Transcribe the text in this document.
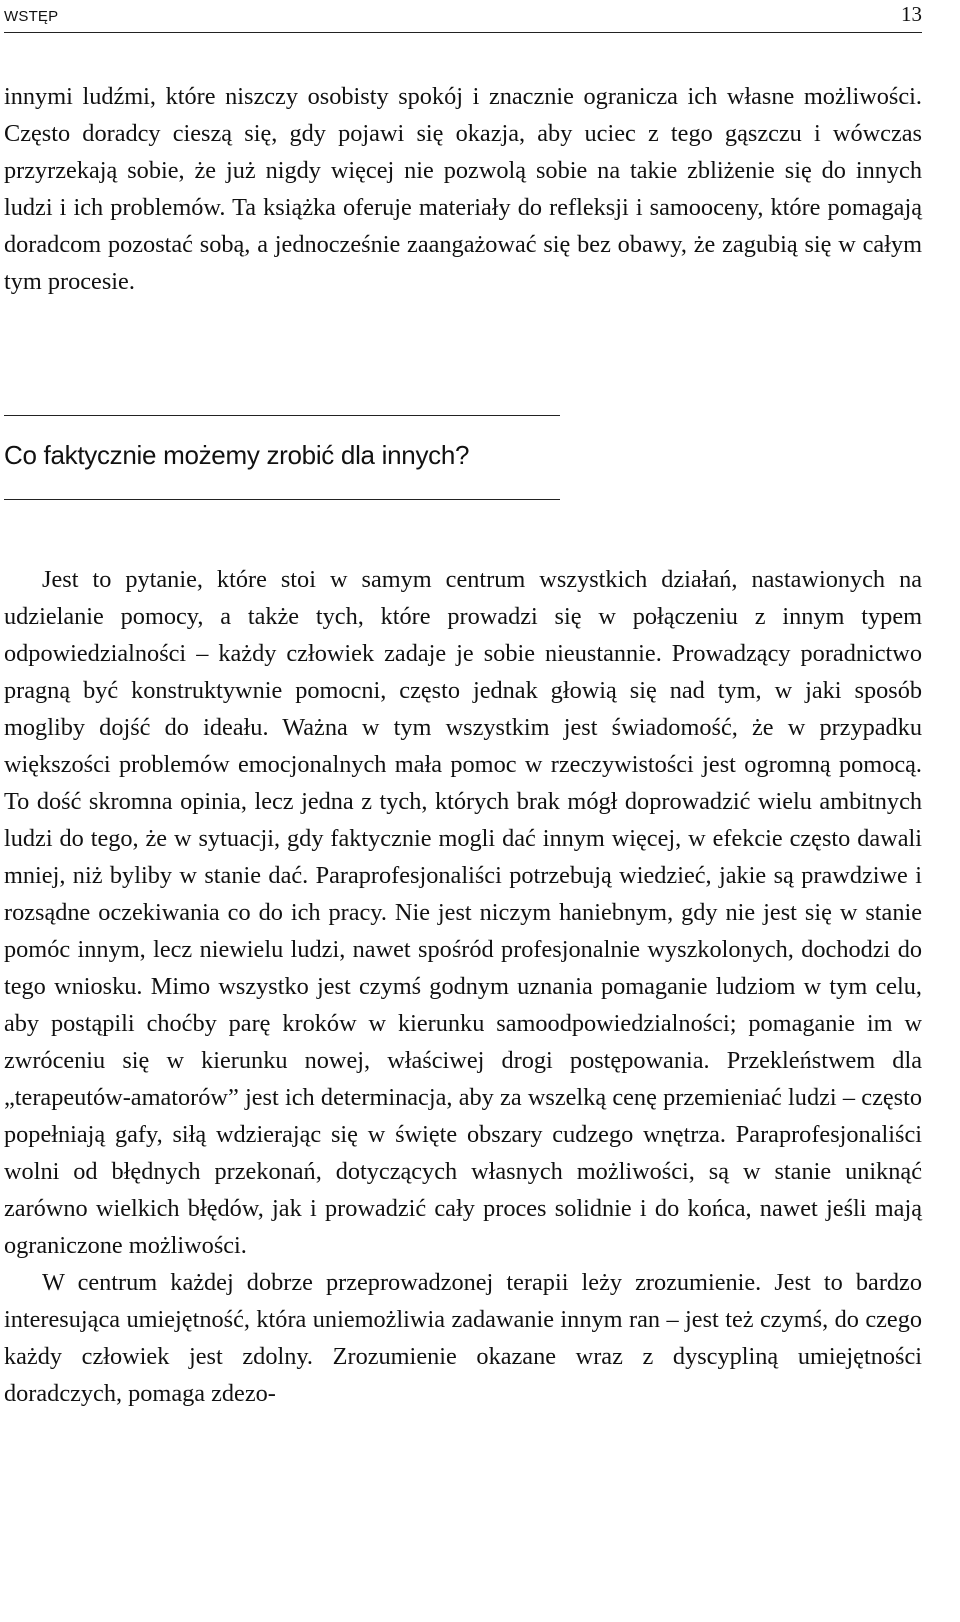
WSTĘP	13

innymi ludźmi, które niszczy osobisty spokój i znacznie ogranicza ich własne możliwości. Często doradcy cieszą się, gdy pojawi się okazja, aby uciec z tego gąszczu i wówczas przyrzekają sobie, że już nigdy więcej nie pozwolą sobie na takie zbliżenie się do innych ludzi i ich problemów. Ta książka oferuje materiały do refleksji i samooceny, które pomagają doradcom pozostać sobą, a jednocześnie zaangażować się bez obawy, że zagubią się w całym tym procesie.

Co faktycznie możemy zrobić dla innych?

Jest to pytanie, które stoi w samym centrum wszystkich działań, nastawionych na udzielanie pomocy, a także tych, które prowadzi się w połączeniu z innym typem odpowiedzialności – każdy człowiek zadaje je sobie nieustannie. Prowadzący poradnictwo pragną być konstruktywnie pomocni, często jednak głowią się nad tym, w jaki sposób mogliby dojść do ideału. Ważna w tym wszystkim jest świadomość, że w przypadku większości problemów emocjonalnych mała pomoc w rzeczywistości jest ogromną pomocą. To dość skromna opinia, lecz jedna z tych, których brak mógł doprowadzić wielu ambitnych ludzi do tego, że w sytuacji, gdy faktycznie mogli dać innym więcej, w efekcie często dawali mniej, niż byliby w stanie dać. Paraprofesjonaliści potrzebują wiedzieć, jakie są prawdziwe i rozsądne oczekiwania co do ich pracy. Nie jest niczym haniebnym, gdy nie jest się w stanie pomóc innym, lecz niewielu ludzi, nawet spośród profesjonalnie wyszkolonych, dochodzi do tego wniosku. Mimo wszystko jest czymś godnym uznania pomaganie ludziom w tym celu, aby postąpili choćby parę kroków w kierunku samoodpowiedzialności; pomaganie im w zwróceniu się w kierunku nowej, właściwej drogi postępowania. Przekleństwem dla „terapeutów-amatorów” jest ich determinacja, aby za wszelką cenę przemieniać ludzi – często popełniają gafy, siłą wdzierając się w święte obszary cudzego wnętrza. Paraprofesjonaliści wolni od błędnych przekonań, dotyczących własnych możliwości, są w stanie uniknąć zarówno wielkich błędów, jak i prowadzić cały proces solidnie i do końca, nawet jeśli mają ograniczone możliwości.

W centrum każdej dobrze przeprowadzonej terapii leży zrozumienie. Jest to bardzo interesująca umiejętność, która uniemożliwia zadawanie innym ran – jest też czymś, do czego każdy człowiek jest zdolny. Zrozumienie okazane wraz z dyscypliną umiejętności doradczych, pomaga zdezo-
